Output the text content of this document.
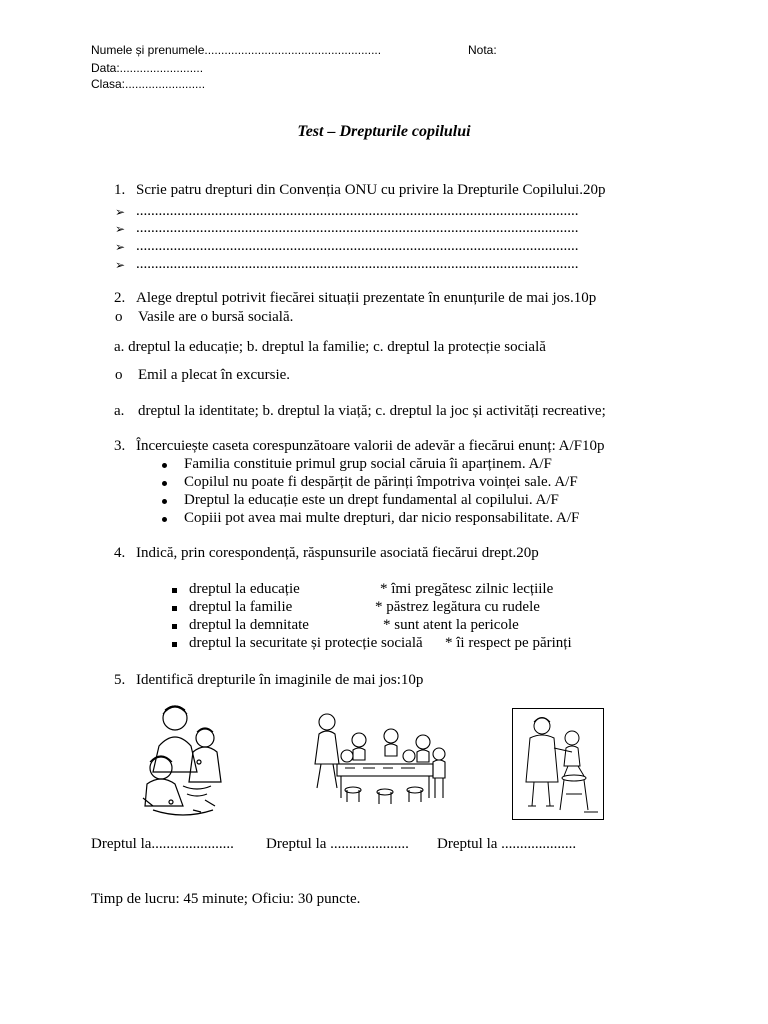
Numele și prenumele.....................................................	Nota:
Data:.........................
Clasa:........................
Test – Drepturile copilului
1. Scrie patru drepturi din Convenția ONU cu privire la Drepturile Copilului.20p
➢ ......................................................................................................................
➢ ......................................................................................................................
➢ ......................................................................................................................
➢ ......................................................................................................................
2. Alege dreptul potrivit fiecărei situații prezentate în enunțurile de mai jos.10p
o Vasile are o bursă socială.
a. dreptul la educație; b. dreptul la familie; c. dreptul la protecție socială
o Emil a plecat în excursie.
a. dreptul la identitate; b. dreptul la viață; c. dreptul la joc și activități recreative;
3. Încercuiește caseta corespunzătoare valorii de adevăr a fiecărui enunț: A/F10p
Familia constituie primul grup social căruia îi aparținem. A/F
Copilul nu poate fi despărțit de părinți împotriva voinței sale. A/F
Dreptul la educație este un drept fundamental al copilului. A/F
Copiii pot avea mai multe drepturi, dar nicio responsabilitate. A/F
4. Indică, prin corespondență, răspunsurile asociată fiecărui drept.20p
dreptul la educație	* îmi pregătesc zilnic lecțiile
dreptul la familie	* păstrez legătura cu rudele
dreptul la demnitate	* sunt atent la pericole
dreptul la securitate și protecție socială * îi respect pe părinți
5. Identifică drepturile în imaginile de mai jos:10p
Dreptul la...................... Dreptul la ..................... Dreptul la ....................
Timp de lucru: 45 minute; Oficiu: 30 puncte.
